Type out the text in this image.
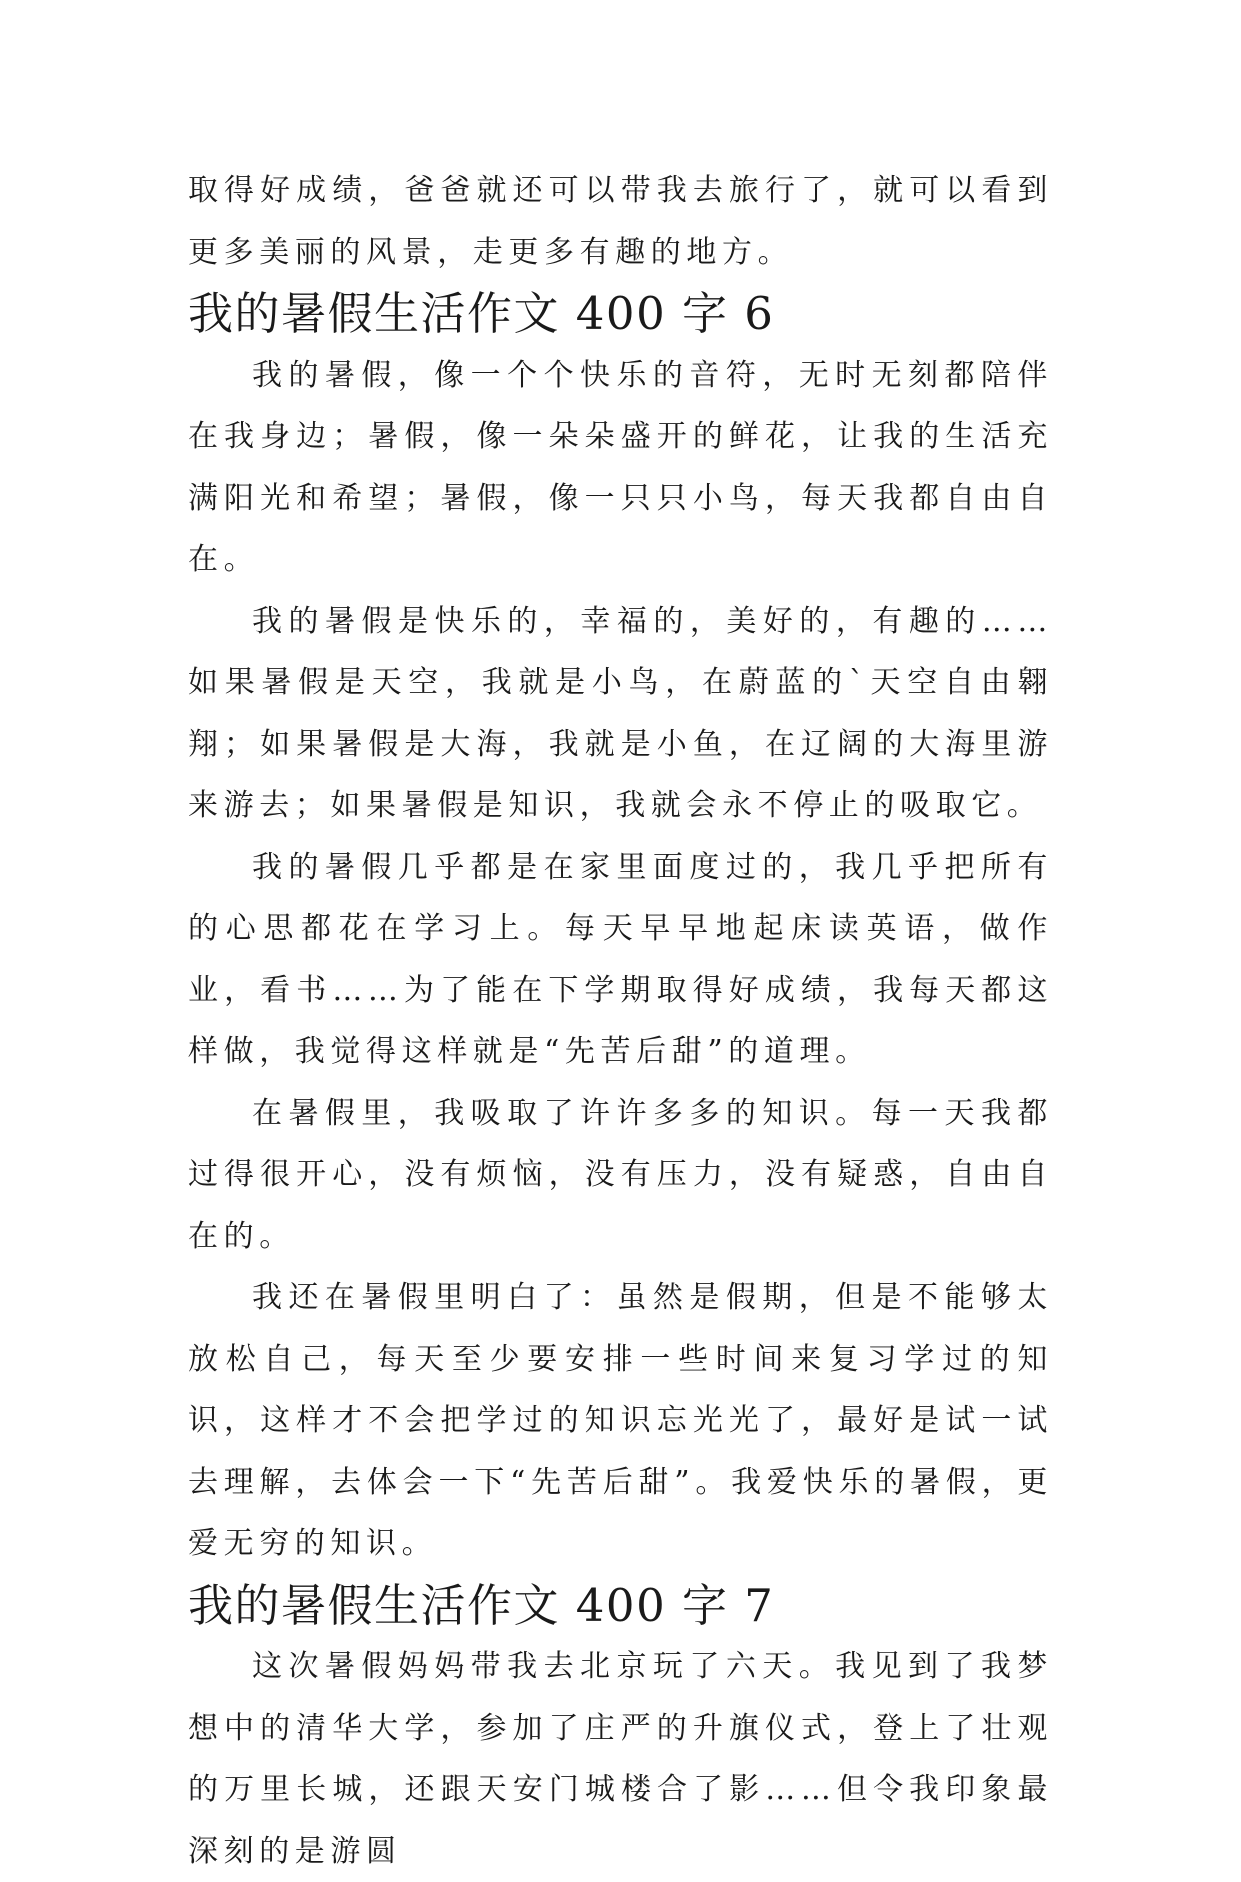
取得好成绩，爸爸就还可以带我去旅行了，就可以看到更多美丽的风景，走更多有趣的地方。

我的暑假生活作文 400 字 6

我的暑假，像一个个快乐的音符，无时无刻都陪伴在我身边；暑假，像一朵朵盛开的鲜花，让我的生活充满阳光和希望；暑假，像一只只小鸟，每天我都自由自在。

我的暑假是快乐的，幸福的，美好的，有趣的……如果暑假是天空，我就是小鸟，在蔚蓝的`天空自由翱翔；如果暑假是大海，我就是小鱼，在辽阔的大海里游来游去；如果暑假是知识，我就会永不停止的吸取它。

我的暑假几乎都是在家里面度过的，我几乎把所有的心思都花在学习上。每天早早地起床读英语，做作业，看书……为了能在下学期取得好成绩，我每天都这样做，我觉得这样就是“先苦后甜”的道理。

在暑假里，我吸取了许许多多的知识。每一天我都过得很开心，没有烦恼，没有压力，没有疑惑，自由自在的。

我还在暑假里明白了：虽然是假期，但是不能够太放松自己，每天至少要安排一些时间来复习学过的知识，这样才不会把学过的知识忘光光了，最好是试一试去理解，去体会一下“先苦后甜”。我爱快乐的暑假，更爱无穷的知识。

我的暑假生活作文 400 字 7

这次暑假妈妈带我去北京玩了六天。我见到了我梦想中的清华大学，参加了庄严的升旗仪式，登上了壮观的万里长城，还跟天安门城楼合了影……但令我印象最深刻的是游圆
